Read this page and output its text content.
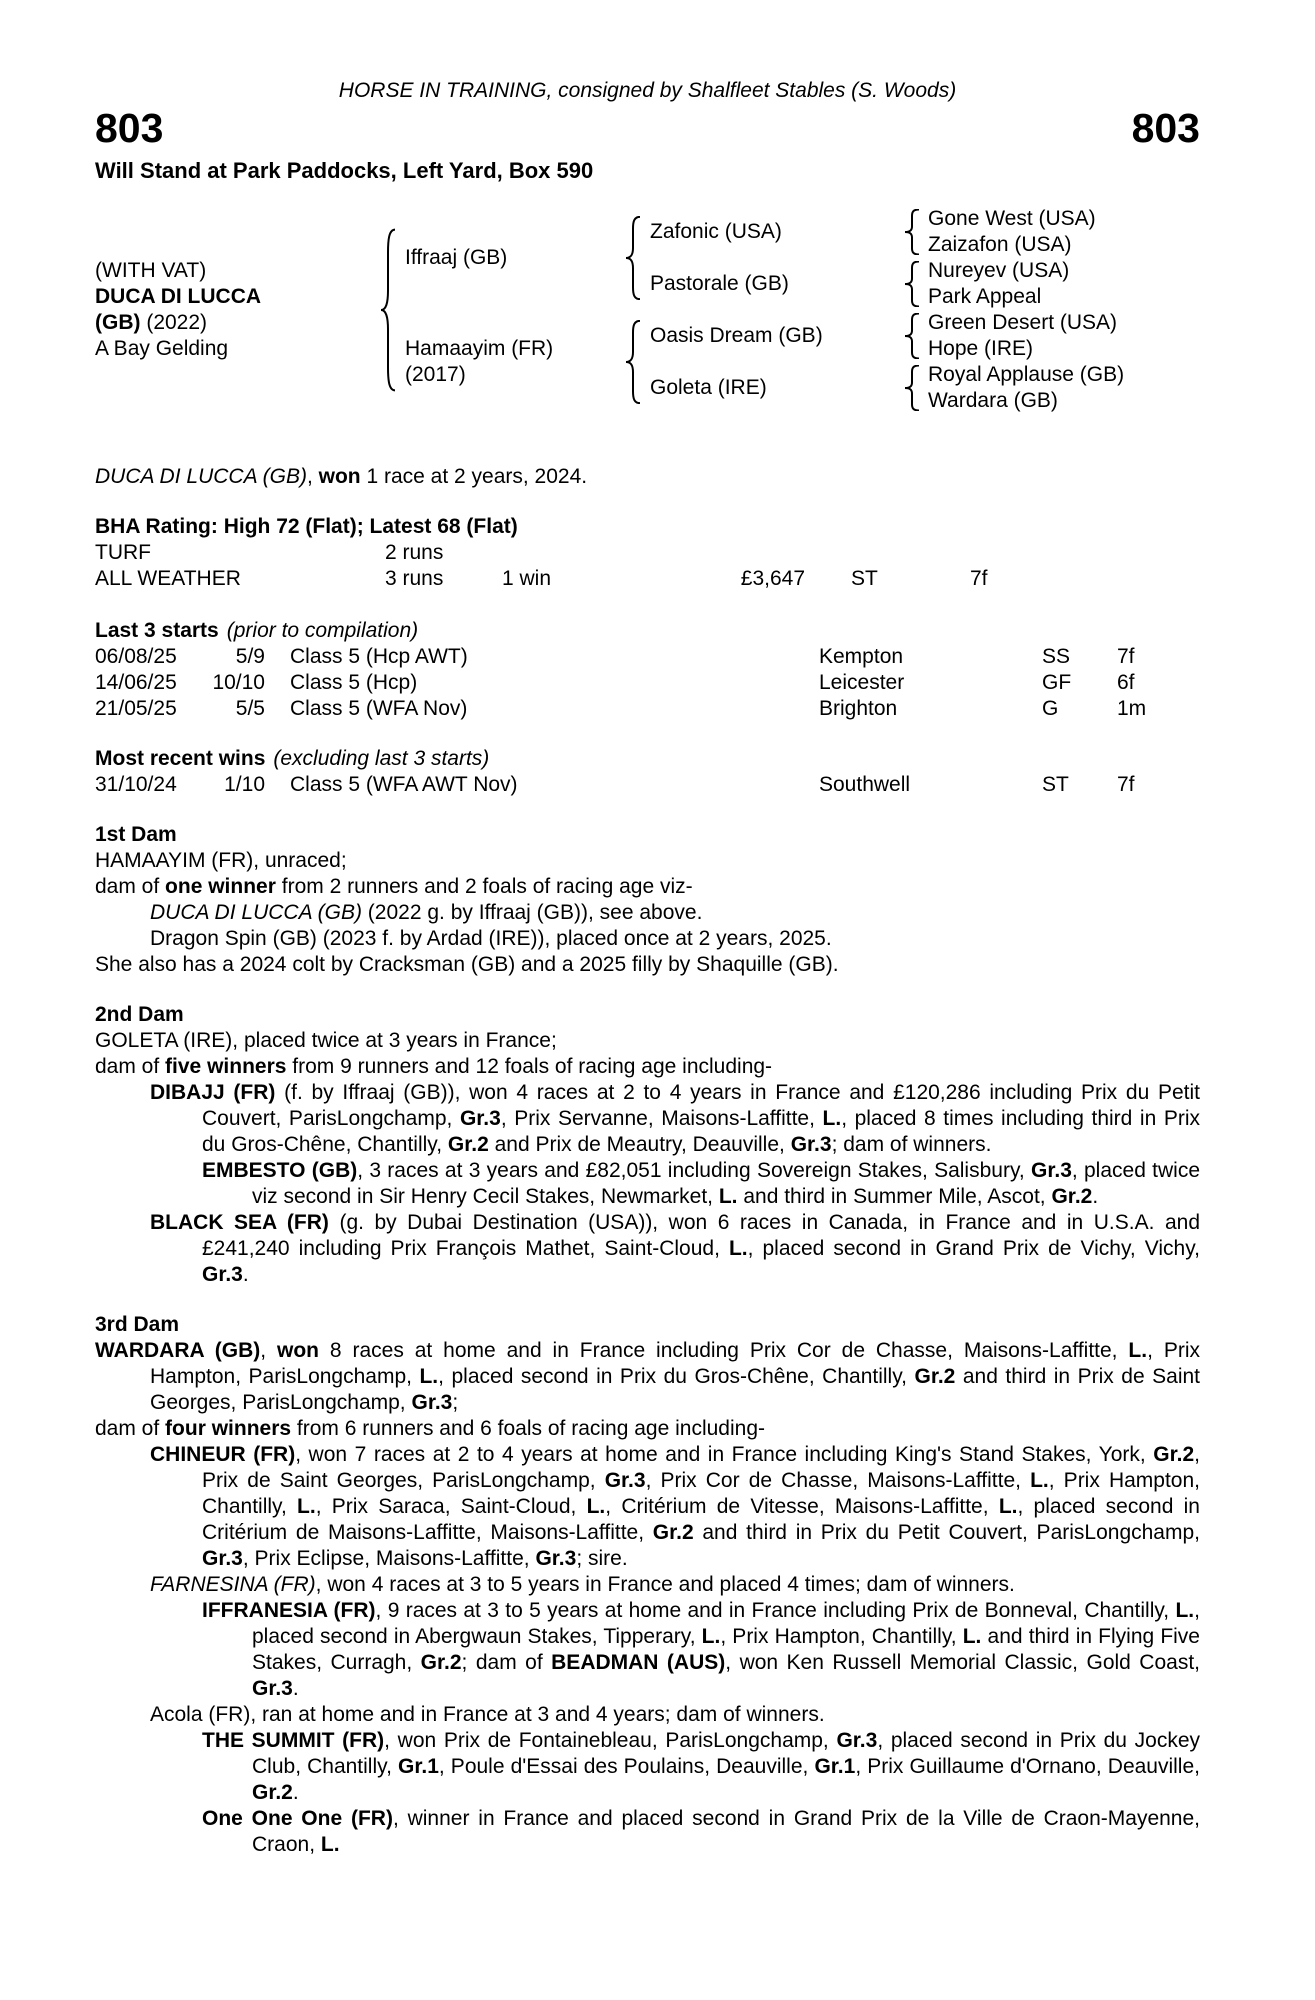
HORSE IN TRAINING, consigned by Shalfleet Stables (S. Woods)
803	803
Will Stand at Park Paddocks, Left Yard, Box 590
(WITH VAT)
DUCA DI LUCCA
(GB) (2022)
A Bay Gelding
Iffraaj (GB)
Hamaayim (FR)
(2017)
Zafonic (USA)
Pastorale (GB)
Oasis Dream (GB)
Goleta (IRE)
Gone West (USA)
Zaizafon (USA)
Nureyev (USA)
Park Appeal
Green Desert (USA)
Hope (IRE)
Royal Applause (GB)
Wardara (GB)
DUCA DI LUCCA (GB), won 1 race at 2 years, 2024.
BHA Rating: High 72 (Flat); Latest 68 (Flat)
TURF	2 runs
ALL WEATHER	3 runs	1 win	£3,647 ST	7f
Last 3 starts (prior to compilation)
06/08/25	5/9 Class 5 (Hcp AWT)	Kempton	SS	7f
14/06/25	10/10 Class 5 (Hcp)	Leicester	GF	6f
21/05/25	5/5 Class 5 (WFA Nov)	Brighton	G	1m
Most recent wins (excluding last 3 starts)
31/10/24	1/10 Class 5 (WFA AWT Nov)	Southwell	ST	7f
1st Dam

HAMAAYIM (FR), unraced;

dam of one winner from 2 runners and 2 foals of racing age viz-

DUCA DI LUCCA (GB) (2022 g. by Iffraaj (GB)), see above.

Dragon Spin (GB) (2023 f. by Ardad (IRE)), placed once at 2 years, 2025.

She also has a 2024 colt by Cracksman (GB) and a 2025 filly by Shaquille (GB).

2nd Dam

GOLETA (IRE), placed twice at 3 years in France;

dam of five winners from 9 runners and 12 foals of racing age including-

DIBAJJ (FR) (f. by Iffraaj (GB)), won 4 races at 2 to 4 years in France and £120,286 including Prix du Petit Couvert, ParisLongchamp, Gr.3, Prix Servanne, Maisons-Laffitte, L., placed 8 times including third in Prix du Gros-Chêne, Chantilly, Gr.2 and Prix de Meautry, Deauville, Gr.3; dam of winners.

EMBESTO (GB), 3 races at 3 years and £82,051 including Sovereign Stakes, Salisbury, Gr.3, placed twice viz second in Sir Henry Cecil Stakes, Newmarket, L. and third in Summer Mile, Ascot, Gr.2.

BLACK SEA (FR) (g. by Dubai Destination (USA)), won 6 races in Canada, in France and in U.S.A. and £241,240 including Prix François Mathet, Saint-Cloud, L., placed second in Grand Prix de Vichy, Vichy, Gr.3.

3rd Dam

WARDARA (GB), won 8 races at home and in France including Prix Cor de Chasse, Maisons-Laffitte, L., Prix Hampton, ParisLongchamp, L., placed second in Prix du Gros-Chêne, Chantilly, Gr.2 and third in Prix de Saint Georges, ParisLongchamp, Gr.3;

dam of four winners from 6 runners and 6 foals of racing age including-

CHINEUR (FR), won 7 races at 2 to 4 years at home and in France including King's Stand Stakes, York, Gr.2, Prix de Saint Georges, ParisLongchamp, Gr.3, Prix Cor de Chasse, Maisons-Laffitte, L., Prix Hampton, Chantilly, L., Prix Saraca, Saint-Cloud, L., Critérium de Vitesse, Maisons-Laffitte, L., placed second in Critérium de Maisons-Laffitte, Maisons-Laffitte, Gr.2 and third in Prix du Petit Couvert, ParisLongchamp, Gr.3, Prix Eclipse, Maisons-Laffitte, Gr.3; sire.

FARNESINA (FR), won 4 races at 3 to 5 years in France and placed 4 times; dam of winners.

IFFRANESIA (FR), 9 races at 3 to 5 years at home and in France including Prix de Bonneval, Chantilly, L., placed second in Abergwaun Stakes, Tipperary, L., Prix Hampton, Chantilly, L. and third in Flying Five Stakes, Curragh, Gr.2; dam of BEADMAN (AUS), won Ken Russell Memorial Classic, Gold Coast, Gr.3.

Acola (FR), ran at home and in France at 3 and 4 years; dam of winners.

THE SUMMIT (FR), won Prix de Fontainebleau, ParisLongchamp, Gr.3, placed second in Prix du Jockey Club, Chantilly, Gr.1, Poule d'Essai des Poulains, Deauville, Gr.1, Prix Guillaume d'Ornano, Deauville, Gr.2.

One One One (FR), winner in France and placed second in Grand Prix de la Ville de Craon-Mayenne, Craon, L.
